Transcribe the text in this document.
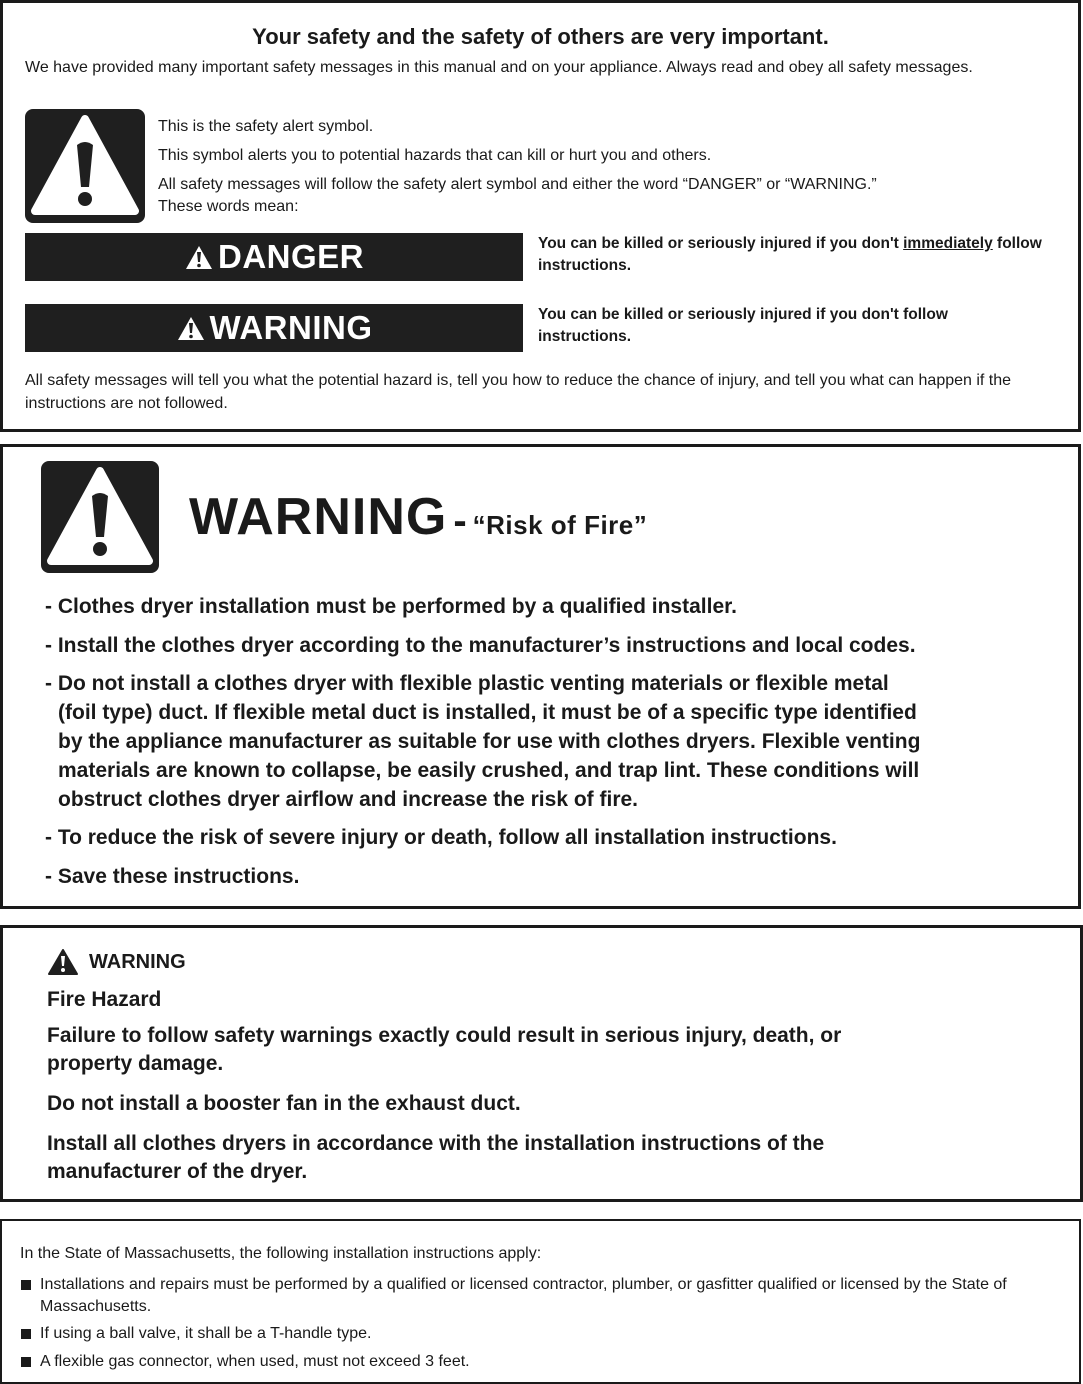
Your safety and the safety of others are very important.
We have provided many important safety messages in this manual and on your appliance. Always read and obey all safety messages.
This is the safety alert symbol.
This symbol alerts you to potential hazards that can kill or hurt you and others.
All safety messages will follow the safety alert symbol and either the word “DANGER” or “WARNING.”
These words mean:
DANGER	You can be killed or seriously injured if you don't immediately follow instructions.
WARNING	You can be killed or seriously injured if you don't follow instructions.
All safety messages will tell you what the potential hazard is, tell you how to reduce the chance of injury, and tell you what can happen if the instructions are not followed.
WARNING - “Risk of Fire”
- Clothes dryer installation must be performed by a qualified installer.
- Install the clothes dryer according to the manufacturer’s instructions and local codes.
- Do not install a clothes dryer with flexible plastic venting materials or flexible metal
(foil type) duct. If flexible metal duct is installed, it must be of a specific type identified
by the appliance manufacturer as suitable for use with clothes dryers. Flexible venting
materials are known to collapse, be easily crushed, and trap lint. These conditions will
obstruct clothes dryer airflow and increase the risk of fire.
- To reduce the risk of severe injury or death, follow all installation instructions.
- Save these instructions.
WARNING
Fire Hazard
Failure to follow safety warnings exactly could result in serious injury, death, or property damage.
Do not install a booster fan in the exhaust duct.
Install all clothes dryers in accordance with the installation instructions of the manufacturer of the dryer.
In the State of Massachusetts, the following installation instructions apply:
Installations and repairs must be performed by a qualified or licensed contractor, plumber, or gasfitter qualified or licensed by the State of Massachusetts.
If using a ball valve, it shall be a T-handle type.
A flexible gas connector, when used, must not exceed 3 feet.
